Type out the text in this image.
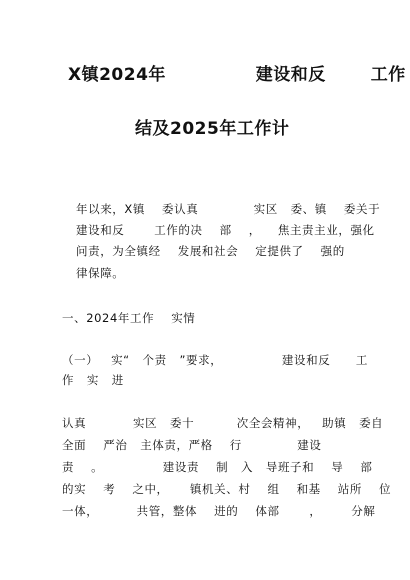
X镇2024年              建设和反       工作
结及2025年工作计
年以来，X镇    委认真             实区   委、镇    委关于
建设和反       工作的决    部    ，    焦主责主业，强化
问责，为全镇经    发展和社会    定提供了    强的
律保障。
一、2024年工作    实情
（一）   实“   个责   ”要求，              建设和反      工
作   实   进
认真           实区   委十          次全会精神，   助镇   委自
全面    严治   主体责，严格    行             建设
责    。              建设责    制   入   导班子和    导    部
的实    考    之中，     镇机关、村    组    和基    站所    位
一体，         共管，整体    进的    体部       ，       分解
